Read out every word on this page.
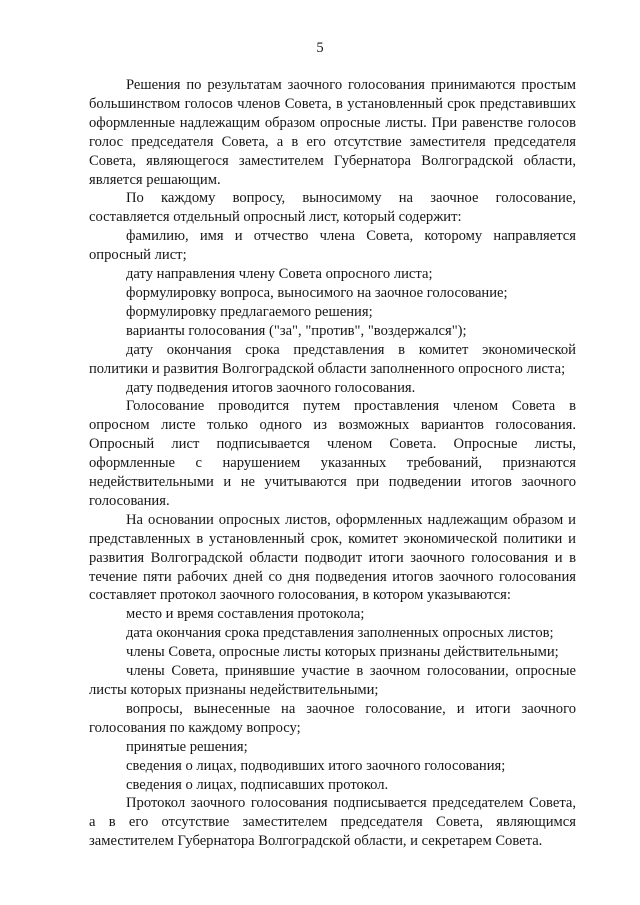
5

Решения по результатам заочного голосования принимаются простым большинством голосов членов Совета, в установленный срок представивших оформленные надлежащим образом опросные листы. При равенстве голосов голос председателя Совета, а в его отсутствие заместителя председателя Совета, являющегося заместителем Губернатора Волгоградской области, является решающим.

По каждому вопросу, выносимому на заочное голосование, составляется отдельный опросный лист, который содержит:

фамилию, имя и отчество члена Совета, которому направляется опросный лист;

дату направления члену Совета опросного листа;

формулировку вопроса, выносимого на заочное голосование;

формулировку предлагаемого решения;

варианты голосования ("за", "против", "воздержался");

дату окончания срока представления в комитет экономической политики и развития Волгоградской области заполненного опросного листа;

дату подведения итогов заочного голосования.

Голосование проводится путем проставления членом Совета в опросном листе только одного из возможных вариантов голосования. Опросный лист подписывается членом Совета. Опросные листы, оформленные с нарушением указанных требований, признаются недействительными и не учитываются при подведении итогов заочного голосования.

На основании опросных листов, оформленных надлежащим образом и представленных в установленный срок, комитет экономической политики и развития Волгоградской области подводит итоги заочного голосования и в течение пяти рабочих дней со дня подведения итогов заочного голосования составляет протокол заочного голосования, в котором указываются:

место и время составления протокола;

дата окончания срока представления заполненных опросных листов;

члены Совета, опросные листы которых признаны действительными;

члены Совета, принявшие участие в заочном голосовании, опросные листы которых признаны недействительными;

вопросы, вынесенные на заочное голосование, и итоги заочного голосования по каждому вопросу;

принятые решения;

сведения о лицах, подводивших итого заочного голосования;

сведения о лицах, подписавших протокол.

Протокол заочного голосования подписывается председателем Совета, а в его отсутствие заместителем председателя Совета, являющимся заместителем Губернатора Волгоградской области, и секретарем Совета.
